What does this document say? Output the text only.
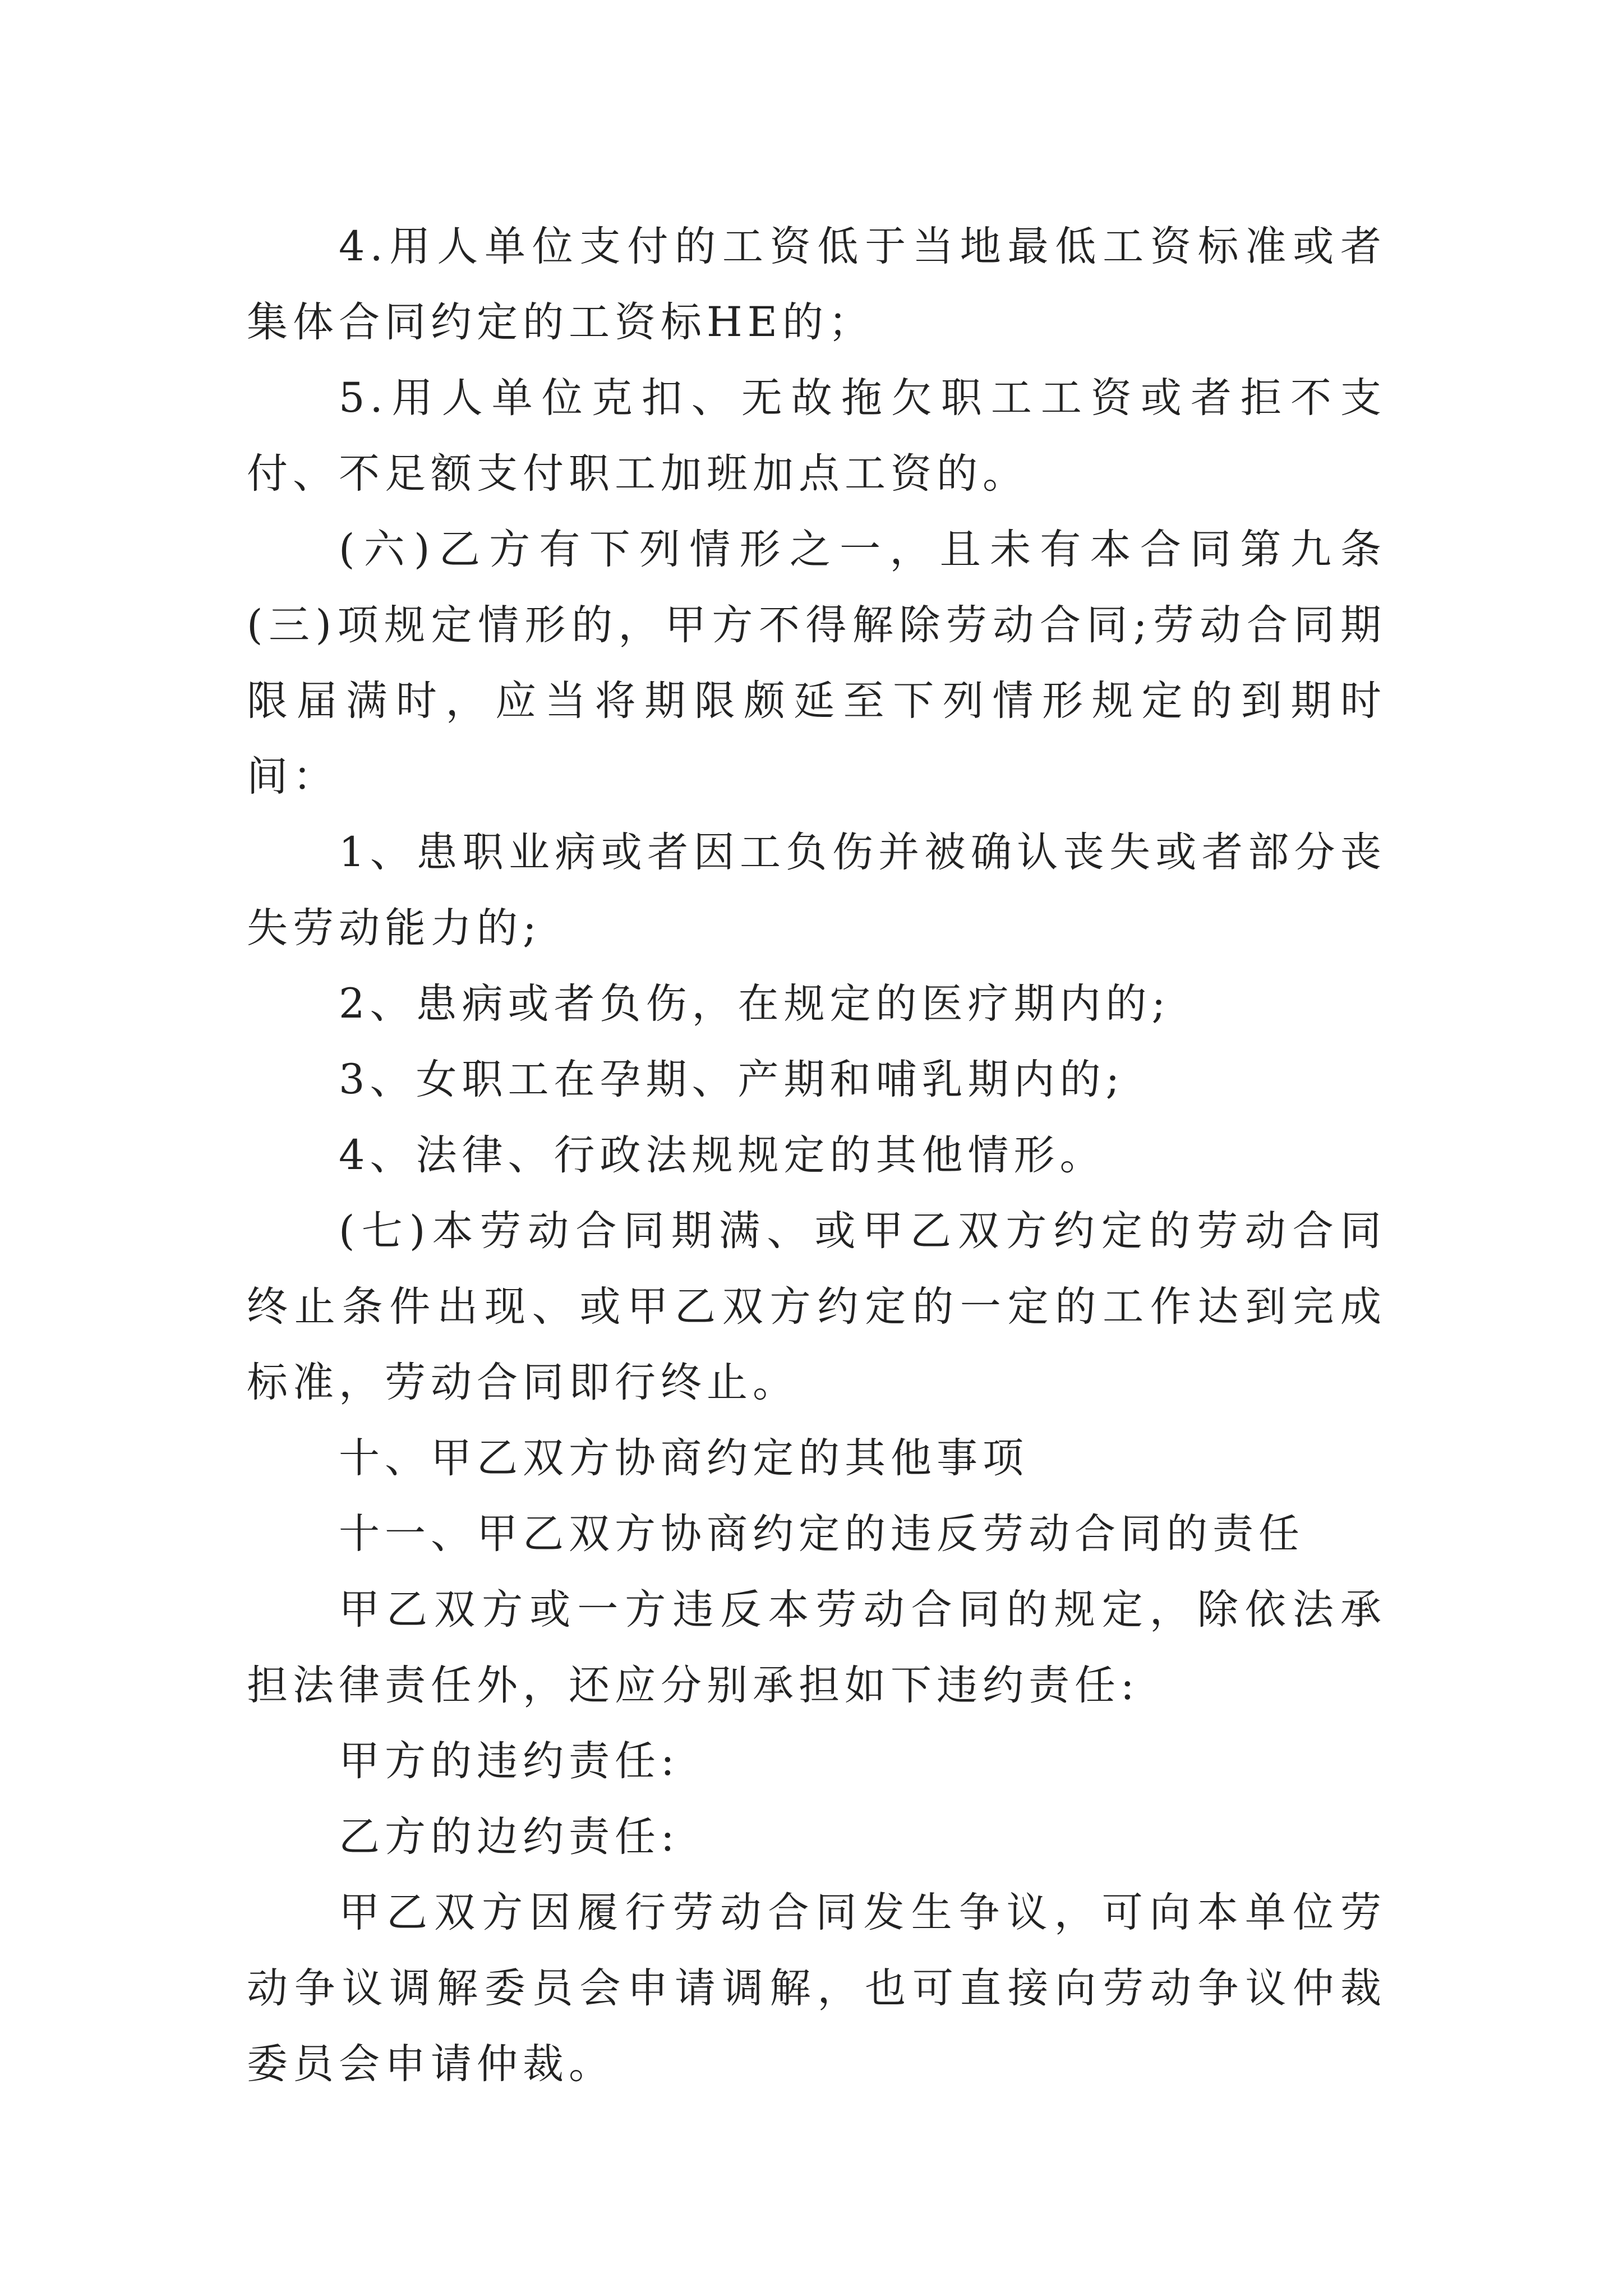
4.用人单位支付的工资低于当地最低工资标准或者集体合同约定的工资标HE的；

5.用人单位克扣、无故拖欠职工工资或者拒不支付、不足额支付职工加班加点工资的。

(六)乙方有下列情形之一，且未有本合同第九条(三)项规定情形的，甲方不得解除劳动合同;劳动合同期限届满时，应当将期限颇延至下列情形规定的到期时间：

1、患职业病或者因工负伤并被确认丧失或者部分丧失劳动能力的;

2、患病或者负伤，在规定的医疗期内的;

3、女职工在孕期、产期和哺乳期内的;

4、法律、行政法规规定的其他情形。

(七)本劳动合同期满、或甲乙双方约定的劳动合同终止条件出现、或甲乙双方约定的一定的工作达到完成标准，劳动合同即行终止。

十、甲乙双方协商约定的其他事项

十一、甲乙双方协商约定的违反劳动合同的责任

甲乙双方或一方违反本劳动合同的规定，除依法承担法律责任外，还应分别承担如下违约责任:

甲方的违约责任:

乙方的边约责任:

甲乙双方因履行劳动合同发生争议，可向本单位劳动争议调解委员会申请调解，也可直接向劳动争议仲裁委员会申请仲裁。
